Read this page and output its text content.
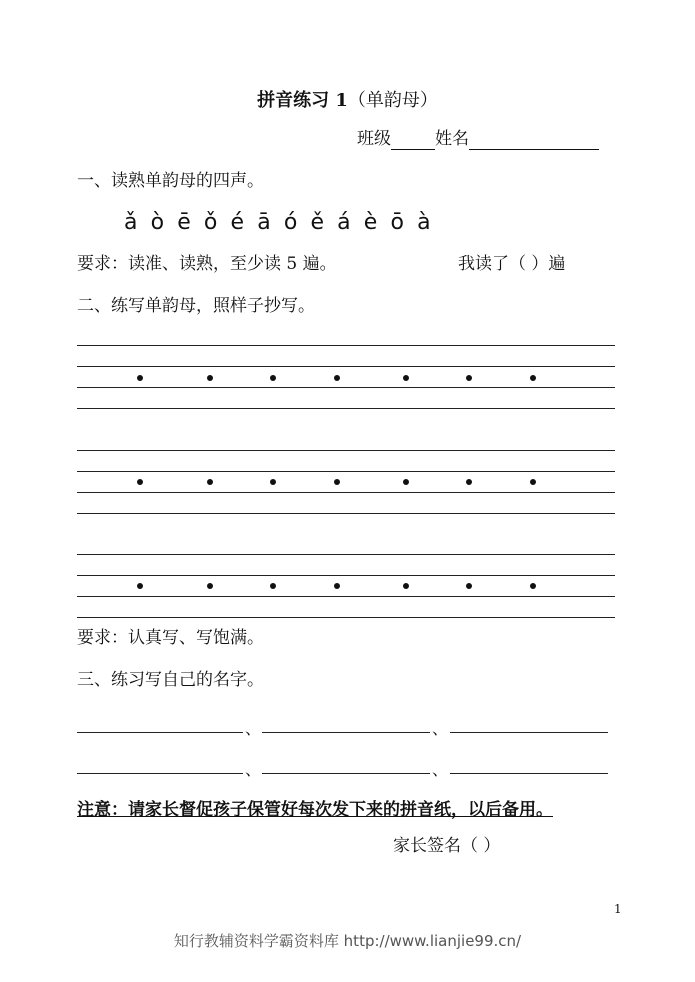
拼音练习 1（单韵母）
班级	姓名
一、读熟单韵母的四声。
ǎ ò ē ǒ é ā ó ě á è ō à
要求：读准、读熟，至少读 5 遍。	我读了（ ）遍
二、练写单韵母，照样子抄写。
要求：认真写、写饱满。
三、练习写自己的名字。
、	、
、	、
注意：请家长督促孩子保管好每次发下来的拼音纸，以后备用。
家长签名（ ）
1
知行教辅资料学霸资料库 http://www.lianjie99.cn/
